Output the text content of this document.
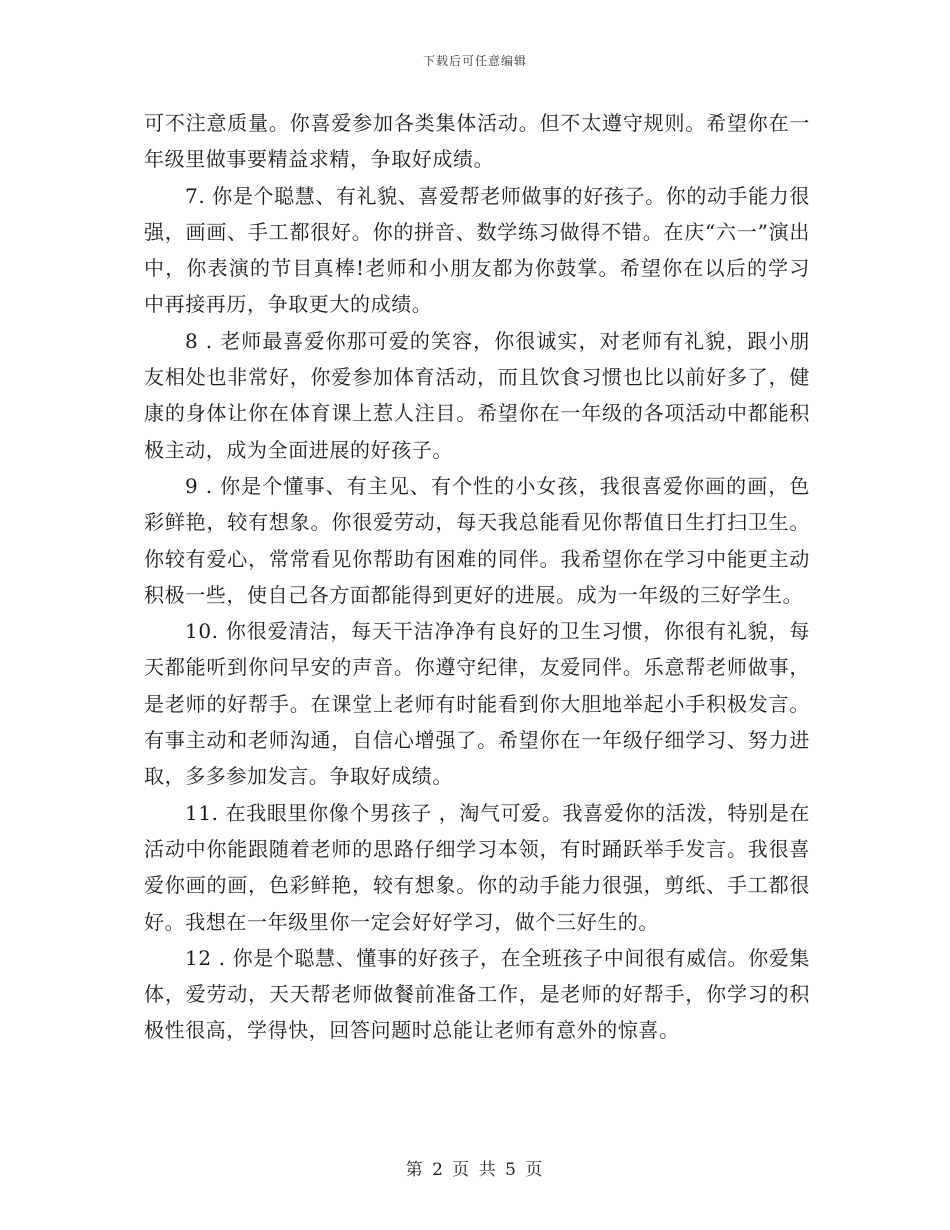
下载后可任意编辑

可不注意质量。你喜爱参加各类集体活动。但不太遵守规则。希望你在一年级里做事要精益求精，争取好成绩。

7. 你是个聪慧、有礼貌、喜爱帮老师做事的好孩子。你的动手能力很强，画画、手工都很好。你的拼音、数学练习做得不错。在庆“六一”演出中，你表演的节目真棒!老师和小朋友都为你鼓掌。希望你在以后的学习中再接再历，争取更大的成绩。

8 . 老师最喜爱你那可爱的笑容，你很诚实，对老师有礼貌，跟小朋友相处也非常好，你爱参加体育活动，而且饮食习惯也比以前好多了，健康的身体让你在体育课上惹人注目。希望你在一年级的各项活动中都能积极主动，成为全面进展的好孩子。

9 . 你是个懂事、有主见、有个性的小女孩，我很喜爱你画的画，色彩鲜艳，较有想象。你很爱劳动，每天我总能看见你帮值日生打扫卫生。你较有爱心，常常看见你帮助有困难的同伴。我希望你在学习中能更主动积极一些，使自己各方面都能得到更好的进展。成为一年级的三好学生。

10. 你很爱清洁，每天干洁净净有良好的卫生习惯，你很有礼貌，每天都能听到你问早安的声音。你遵守纪律，友爱同伴。乐意帮老师做事，是老师的好帮手。在课堂上老师有时能看到你大胆地举起小手积极发言。有事主动和老师沟通，自信心增强了。希望你在一年级仔细学习、努力进取，多多参加发言。争取好成绩。

11. 在我眼里你像个男孩子 ，淘气可爱。我喜爱你的活泼，特别是在活动中你能跟随着老师的思路仔细学习本领，有时踊跃举手发言。我很喜爱你画的画，色彩鲜艳，较有想象。你的动手能力很强，剪纸、手工都很好。我想在一年级里你一定会好好学习，做个三好生的。

12 . 你是个聪慧、懂事的好孩子，在全班孩子中间很有威信。你爱集体，爱劳动，天天帮老师做餐前准备工作，是老师的好帮手，你学习的积极性很高，学得快，回答问题时总能让老师有意外的惊喜。

第 2 页 共 5 页
